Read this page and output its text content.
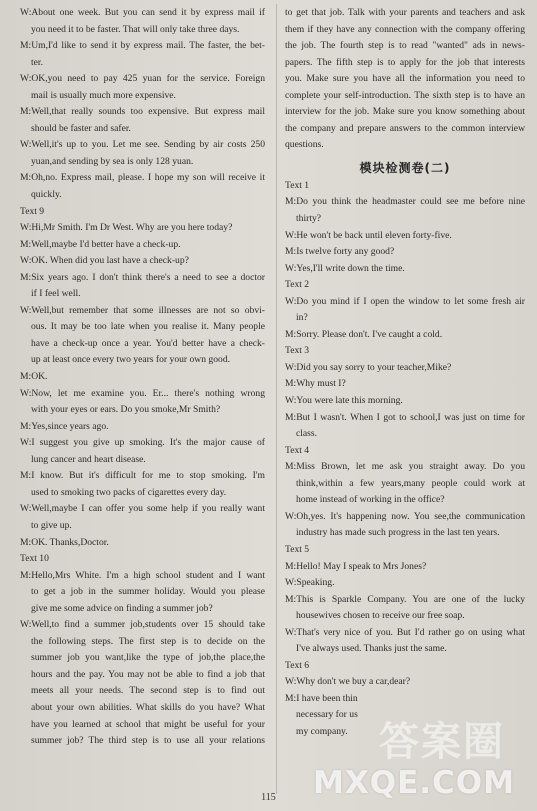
W:About one week. But you can send it by express mail if
you need it to be faster. That will only take three days.
M:Um,I'd like to send it by express mail. The faster, the bet-
ter.
W:OK,you need to pay 425 yuan for the service. Foreign
mail is usually much more expensive.
M:Well,that really sounds too expensive. But express mail
should be faster and safer.
W:Well,it's up to you. Let me see. Sending by air costs 250
yuan,and sending by sea is only 128 yuan.
M:Oh,no. Express mail, please. I hope my son will receive it
quickly.
Text 9
W:Hi,Mr Smith. I'm Dr West. Why are you here today?
M:Well,maybe I'd better have a check-up.
W:OK. When did you last have a check-up?
M:Six years ago. I don't think there's a need to see a doctor
if I feel well.
W:Well,but remember that some illnesses are not so obvi-
ous. It may be too late when you realise it. Many people
have a check-up once a year. You'd better have a check-
up at least once every two years for your own good.
M:OK.
W:Now, let me examine you. Er... there's nothing wrong
with your eyes or ears. Do you smoke,Mr Smith?
M:Yes,since years ago.
W:I suggest you give up smoking. It's the major cause of
lung cancer and heart disease.
M:I know. But it's difficult for me to stop smoking. I'm
used to smoking two packs of cigarettes every day.
W:Well,maybe I can offer you some help if you really want
to give up.
M:OK. Thanks,Doctor.
Text 10
M:Hello,Mrs White. I'm a high school student and I want
to get a job in the summer holiday. Would you please
give me some advice on finding a summer job?
W:Well,to find a summer job,students over 15 should take
the following steps. The first step is to decide on the
summer job you want,like the type of job,the place,the
hours and the pay. You may not be able to find a job that
meets all your needs. The second step is to find out
about your own abilities. What skills do you have? What
have you learned at school that might be useful for your
summer job? The third step is to use all your relations
to get that job. Talk with your parents and teachers and ask
them if they have any connection with the company offering
the job. The fourth step is to read "wanted" ads in news-
papers. The fifth step is to apply for the job that interests
you. Make sure you have all the information you need to
complete your self-introduction. The sixth step is to have an
interview for the job. Make sure you know something about
the company and prepare answers to the common interview
questions.
模块检测卷(二)
Text 1
M:Do you think the headmaster could see me before nine
thirty?
W:He won't be back until eleven forty-five.
M:Is twelve forty any good?
W:Yes,I'll write down the time.
Text 2
W:Do you mind if I open the window to let some fresh air
in?
M:Sorry. Please don't. I've caught a cold.
Text 3
W:Did you say sorry to your teacher,Mike?
M:Why must I?
W:You were late this morning.
M:But I wasn't. When I got to school,I was just on time for
class.
Text 4
M:Miss Brown, let me ask you straight away. Do you
think,within a few years,many people could work at
home instead of working in the office?
W:Oh,yes. It's happening now. You see,the communication
industry has made such progress in the last ten years.
Text 5
M:Hello! May I speak to Mrs Jones?
W:Speaking.
M:This is Sparkle Company. You are one of the lucky
housewives chosen to receive our free soap.
W:That's very nice of you. But I'd rather go on using what
I've always used. Thanks just the same.
Text 6
W:Why don't we buy a car,dear?
M:I have been thin
necessary for us
my company.
115
答案圈
MXQE.COM
